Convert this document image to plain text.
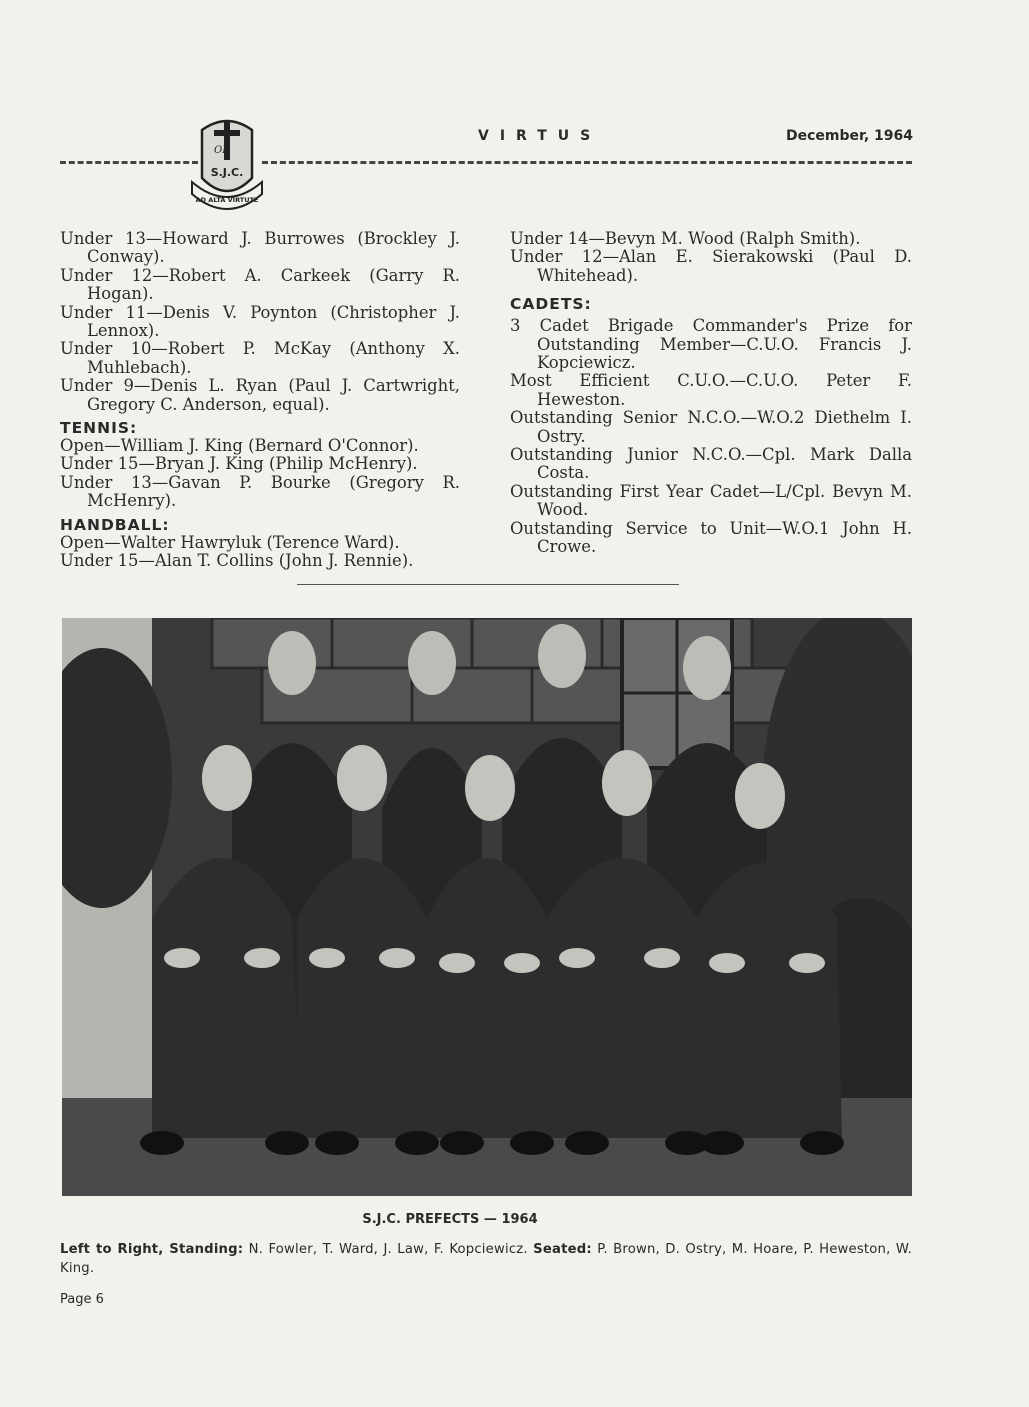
OB
S.J.C.
AD ALTA VIRTUTE
VIRTUS	December, 1964
Under 13—Howard J. Burrowes (Brockley J. Conway).
Under 12—Robert A. Carkeek (Garry R. Hogan).
Under 11—Denis V. Poynton (Christopher J. Lennox).
Under 10—Robert P. McKay (Anthony X. Muhlebach).
Under 9—Denis L. Ryan (Paul J. Cartwright, Gregory C. Anderson, equal).
TENNIS:
Open—William J. King (Bernard O'Connor).
Under 15—Bryan J. King (Philip McHenry).
Under 13—Gavan P. Bourke (Gregory R. McHenry).
HANDBALL:
Open—Walter Hawryluk (Terence Ward).
Under 15—Alan T. Collins (John J. Rennie).
Under 14—Bevyn M. Wood (Ralph Smith).
Under 12—Alan E. Sierakowski (Paul D. Whitehead).
CADETS:
3 Cadet Brigade Commander's Prize for Outstanding Member—C.U.O. Francis J. Kopciewicz.
Most Efficient C.U.O.—C.U.O. Peter F. Heweston.
Outstanding Senior N.C.O.—W.O.2 Diethelm I. Ostry.
Outstanding Junior N.C.O.—Cpl. Mark Dalla Costa.
Outstanding First Year Cadet—L/Cpl. Bevyn M. Wood.
Outstanding Service to Unit—W.O.1 John H. Crowe.
S.J.C. PREFECTS — 1964
Left to Right, Standing: N. Fowler, T. Ward, J. Law, F. Kopciewicz. Seated: P. Brown, D. Ostry, M. Hoare, P. Heweston, W. King.
Page 6
